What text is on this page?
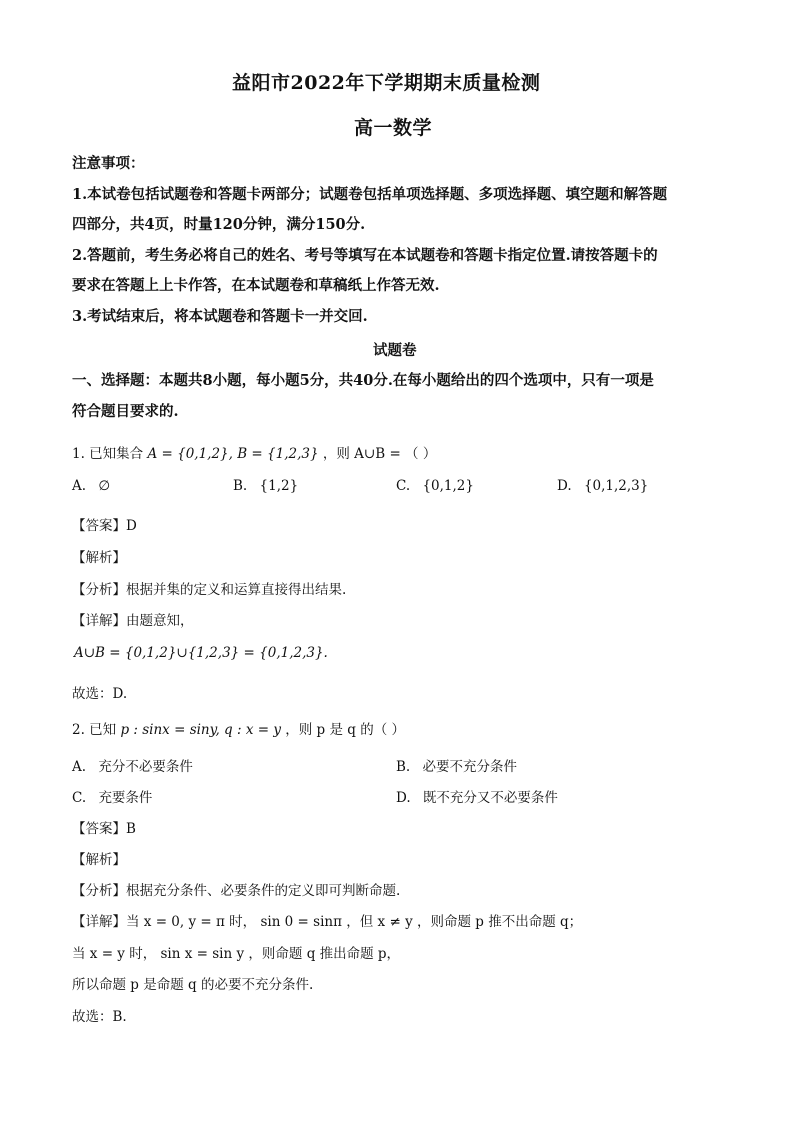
益阳市2022年下学期期末质量检测
高一数学
注意事项：
1.本试卷包括试题卷和答题卡两部分；试题卷包括单项选择题、多项选择题、填空题和解答题
四部分，共4页，时量120分钟，满分150分.
2.答题前，考生务必将自己的姓名、考号等填写在本试题卷和答题卡指定位置.请按答题卡的
要求在答题上上卡作答，在本试题卷和草稿纸上作答无效.
3.考试结束后，将本试题卷和答题卡一并交回.
试题卷
一、选择题：本题共8小题，每小题5分，共40分.在每小题给出的四个选项中，只有一项是
符合题目要求的.
1. 已知集合 A = {0,1,2}, B = {1,2,3} ，则 A∪B = （ ）
A. ∅	B. {1,2}	C. {0,1,2}	D. {0,1,2,3}
【答案】D
【解析】
【分析】根据并集的定义和运算直接得出结果.
【详解】由题意知，
A∪B = {0,1,2}∪{1,2,3} = {0,1,2,3}.
故选：D.
2. 已知 p : sinx = siny, q : x = y ，则 p 是 q 的（ ）
A. 充分不必要条件	B. 必要不充分条件
C. 充要条件	D. 既不充分又不必要条件
【答案】B
【解析】
【分析】根据充分条件、必要条件的定义即可判断命题.
【详解】当 x = 0, y = π 时， sin 0 = sinπ ，但 x ≠ y ，则命题 p 推不出命题 q；
当 x = y 时， sin x = sin y ，则命题 q 推出命题 p，
所以命题 p 是命题 q 的必要不充分条件.
故选：B.
